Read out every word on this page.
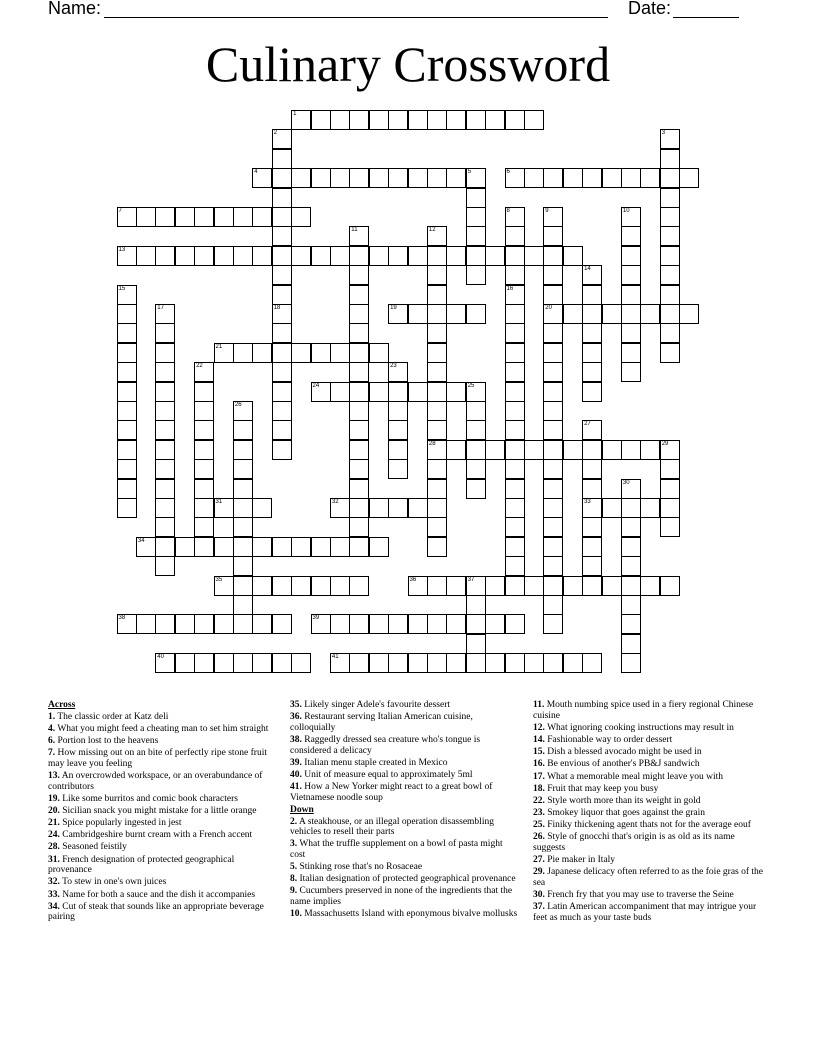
Name:	Date:
Culinary Crossword
1
4	5	6
7
13
19	20
21
24	25
28	29
31	32	33
34
35	36	37
38	39
40	41
2
18
3
8
16
9	10
11	12
14
15
17
22	23
26
27
30
Across
1. The classic order at Katz deli
4. What you might feed a cheating man to set him straight
6. Portion lost to the heavens
7. How missing out on an bite of perfectly ripe stone fruit may leave you feeling
13. An overcrowded workspace, or an overabundance of contributors
19. Like some burritos and comic book characters
20. Sicilian snack you might mistake for a little orange
21. Spice popularly ingested in jest
24. Cambridgeshire burnt cream with a French accent
28. Seasoned feistily
31. French designation of protected geographical provenance
32. To stew in one's own juices
33. Name for both a sauce and the dish it accompanies
34. Cut of steak that sounds like an appropriate beverage pairing
35. Likely singer Adele's favourite dessert
36. Restaurant serving Italian American cuisine, colloquially
38. Raggedly dressed sea creature who's tongue is considered a delicacy
39. Italian menu staple created in Mexico
40. Unit of measure equal to approximately 5ml
41. How a New Yorker might react to a great bowl of Vietnamese noodle soup
Down
2. A steakhouse, or an illegal operation disassembling vehicles to resell their parts
3. What the truffle supplement on a bowl of pasta might cost
5. Stinking rose that's no Rosaceae
8. Italian designation of protected geographical provenance
9. Cucumbers preserved in none of the ingredients that the name implies
10. Massachusetts Island with eponymous bivalve mollusks
11. Mouth numbing spice used in a fiery regional Chinese cuisine
12. What ignoring cooking instructions may result in
14. Fashionable way to order dessert
15. Dish a blessed avocado might be used in
16. Be envious of another's PB&J sandwich
17. What a memorable meal might leave you with
18. Fruit that may keep you busy
22. Style worth more than its weight in gold
23. Smokey liquor that goes against the grain
25. Finiky thickening agent thats not for the average eouf
26. Style of gnocchi that's origin is as old as its name suggests
27. Pie maker in Italy
29. Japanese delicacy often referred to as the foie gras of the sea
30. French fry that you may use to traverse the Seine
37. Latin American accompaniment that may intrigue your feet as much as your taste buds
